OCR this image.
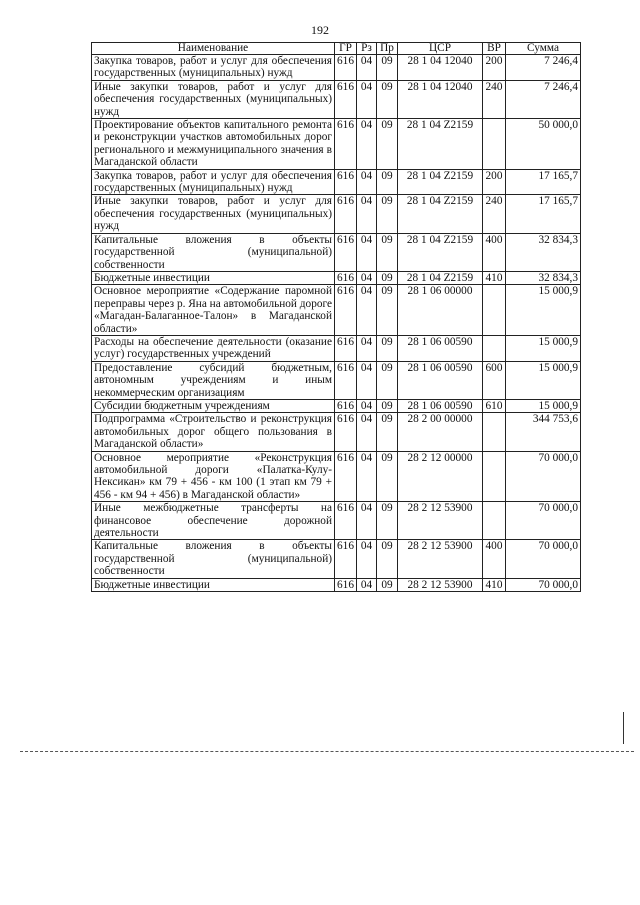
192
Наименование	ГР	Рз	Пр	ЦСР	ВР	Сумма
Закупка товаров, работ и услуг для обеспечения государственных (муниципальных) нужд	616	04	09	28 1 04 12040	200	7 246,4
Иные закупки товаров, работ и услуг для обеспечения государственных (муниципальных) нужд	616	04	09	28 1 04 12040	240	7 246,4
Проектирование объектов капитального ремонта и реконструкции участков автомобильных дорог регионального и межмуниципального значения в Магаданской области	616	04	09	28 1 04 Z2159		50 000,0
Закупка товаров, работ и услуг для обеспечения государственных (муниципальных) нужд	616	04	09	28 1 04 Z2159	200	17 165,7
Иные закупки товаров, работ и услуг для обеспечения государственных (муниципальных) нужд	616	04	09	28 1 04 Z2159	240	17 165,7
Капитальные вложения в объекты государственной (муниципальной) собственности	616	04	09	28 1 04 Z2159	400	32 834,3
Бюджетные инвестиции	616	04	09	28 1 04 Z2159	410	32 834,3
Основное мероприятие «Содержание паромной переправы через р. Яна на автомобильной дороге «Магадан-Балаганное-Талон» в Магаданской области»	616	04	09	28 1 06 00000		15 000,9
Расходы на обеспечение деятельности (оказание услуг) государственных учреждений	616	04	09	28 1 06 00590		15 000,9
Предоставление субсидий бюджетным, автономным учреждениям и иным некоммерческим организациям	616	04	09	28 1 06 00590	600	15 000,9
Субсидии бюджетным учреждениям	616	04	09	28 1 06 00590	610	15 000,9
Подпрограмма «Строительство и реконструкция автомобильных дорог общего пользования в Магаданской области»	616	04	09	28 2 00 00000		344 753,6
Основное мероприятие «Реконструкция автомобильной дороги «Палатка-Кулу-Нексикан» км 79 + 456 - км 100 (1 этап км 79 + 456 - км 94 + 456) в Магаданской области»	616	04	09	28 2 12 00000		70 000,0
Иные межбюджетные трансферты на финансовое обеспечение дорожной деятельности	616	04	09	28 2 12 53900		70 000,0
Капитальные вложения в объекты государственной (муниципальной) собственности	616	04	09	28 2 12 53900	400	70 000,0
Бюджетные инвестиции	616	04	09	28 2 12 53900	410	70 000,0
